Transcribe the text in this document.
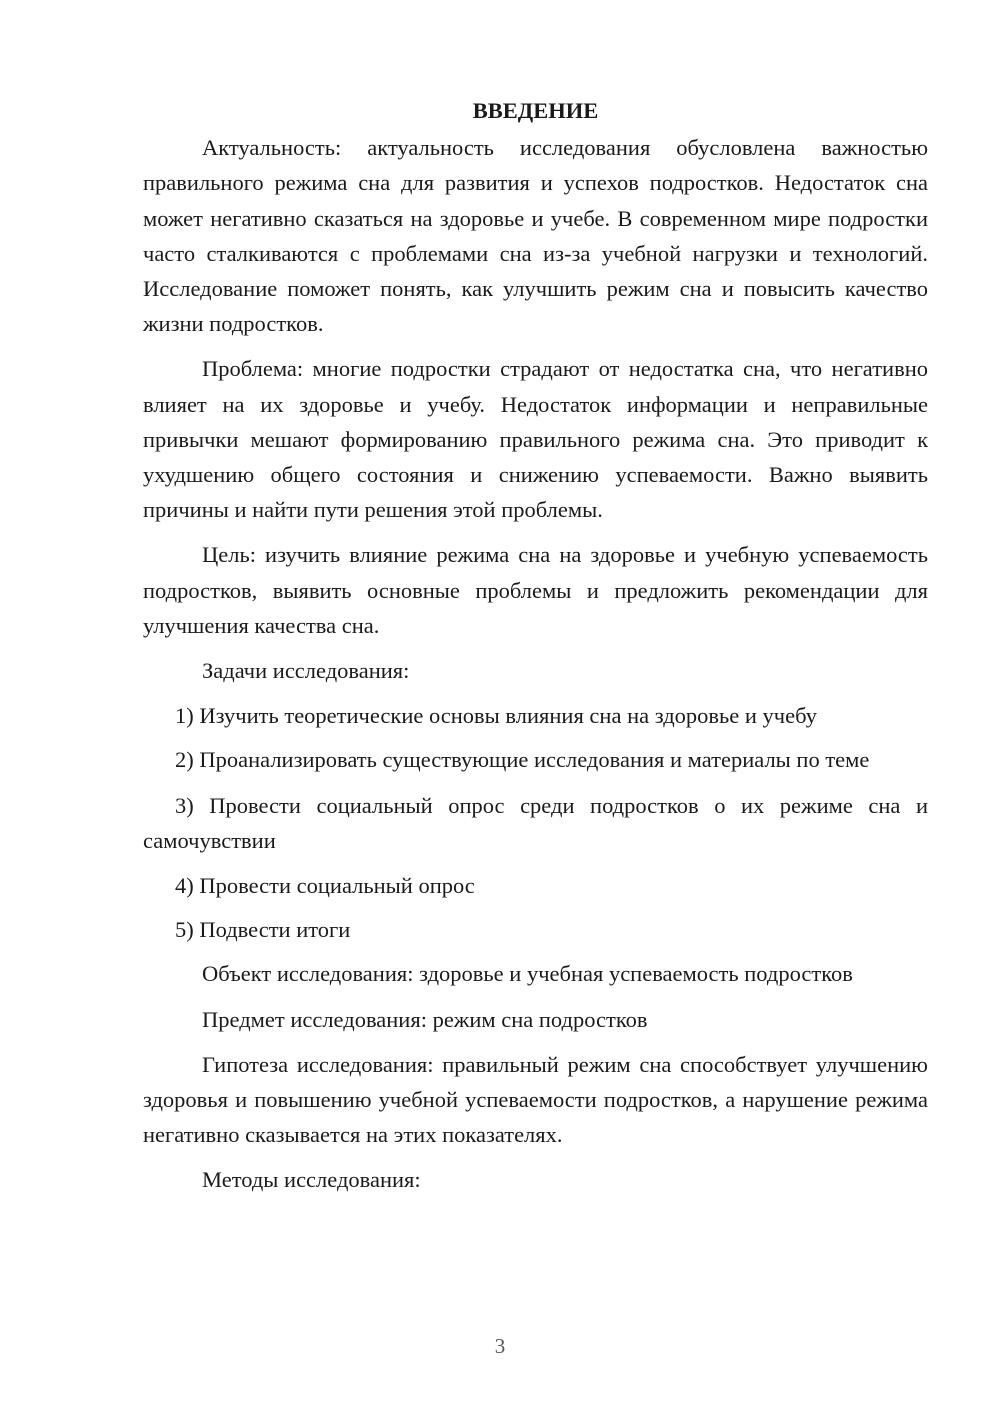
ВВЕДЕНИЕ

Актуальность: актуальность исследования обусловлена важностью правильного режима сна для развития и успехов подростков. Недостаток сна может негативно сказаться на здоровье и учебе. В современном мире подростки часто сталкиваются с проблемами сна из-за учебной нагрузки и технологий. Исследование поможет понять, как улучшить режим сна и повысить качество жизни подростков.

Проблема: многие подростки страдают от недостатка сна, что негативно влияет на их здоровье и учебу. Недостаток информации и неправильные привычки мешают формированию правильного режима сна. Это приводит к ухудшению общего состояния и снижению успеваемости. Важно выявить причины и найти пути решения этой проблемы.

Цель: изучить влияние режима сна на здоровье и учебную успеваемость подростков, выявить основные проблемы и предложить рекомендации для улучшения качества сна.

Задачи исследования:

1) Изучить теоретические основы влияния сна на здоровье и учебу

2) Проанализировать существующие исследования и материалы по теме

3) Провести социальный опрос среди подростков о их режиме сна и самочувствии

4) Провести социальный опрос

5) Подвести итоги

Объект исследования: здоровье и учебная успеваемость подростков

Предмет исследования: режим сна подростков

Гипотеза исследования: правильный режим сна способствует улучшению здоровья и повышению учебной успеваемости подростков, а нарушение режима негативно сказывается на этих показателях.

Методы исследования:

3
